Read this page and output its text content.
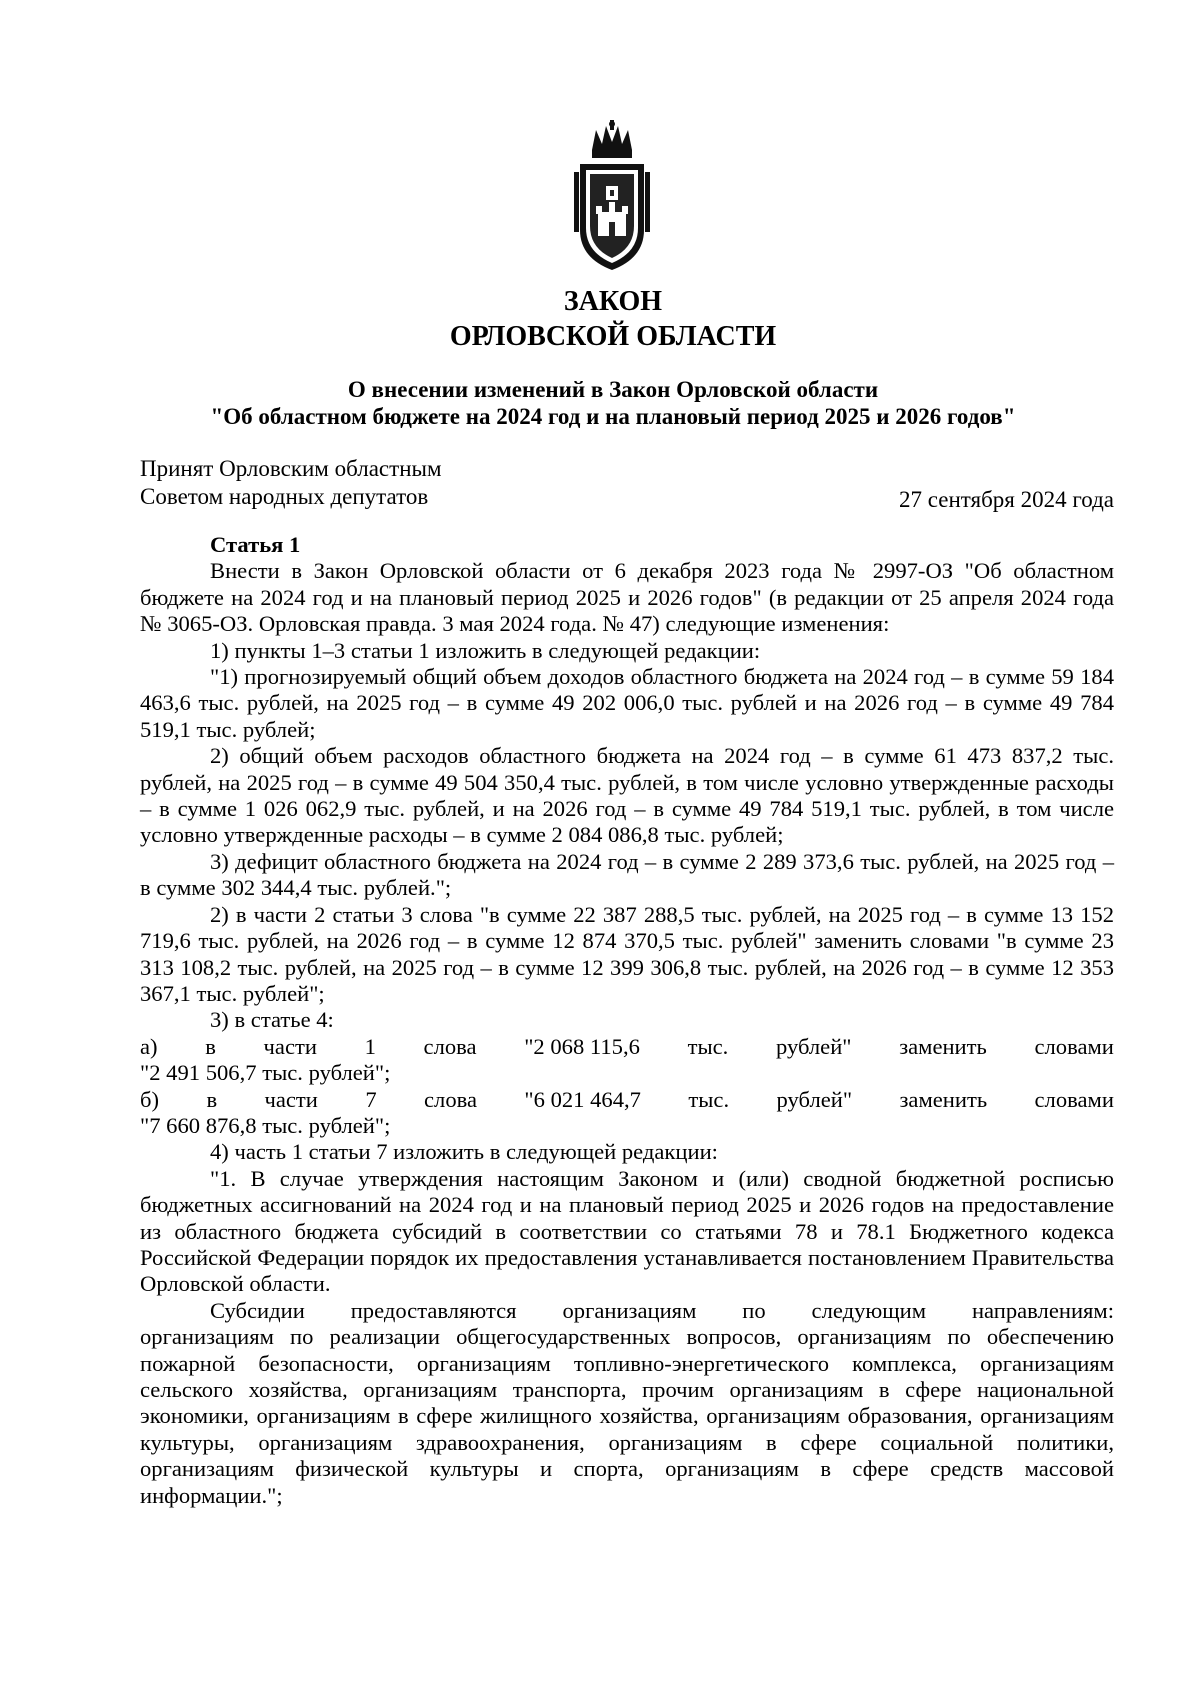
ЗАКОН
ОРЛОВСКОЙ ОБЛАСТИ
О внесении изменений в Закон Орловской области
"Об областном бюджете на 2024 год и на плановый период 2025 и 2026 годов"
Принят Орловским областным
Советом народных депутатов	27 сентября 2024 года

Статья 1

Внести в Закон Орловской области от 6 декабря 2023 года № 2997-ОЗ "Об областном бюджете на 2024 год и на плановый период 2025 и 2026 годов" (в редакции от 25 апреля 2024 года № 3065-ОЗ. Орловская правда. 3 мая 2024 года. № 47) следующие изменения:

1) пункты 1–3 статьи 1 изложить в следующей редакции:

"1) прогнозируемый общий объем доходов областного бюджета на 2024 год – в сумме 59 184 463,6 тыс. рублей, на 2025 год – в сумме 49 202 006,0 тыс. рублей и на 2026 год – в сумме 49 784 519,1 тыс. рублей;

2) общий объем расходов областного бюджета на 2024 год – в сумме 61 473 837,2 тыс. рублей, на 2025 год – в сумме 49 504 350,4 тыс. рублей, в том числе условно утвержденные расходы – в сумме 1 026 062,9 тыс. рублей, и на 2026 год – в сумме 49 784 519,1 тыс. рублей, в том числе условно утвержденные расходы – в сумме 2 084 086,8 тыс. рублей;

3) дефицит областного бюджета на 2024 год – в сумме 2 289 373,6 тыс. рублей, на 2025 год – в сумме 302 344,4 тыс. рублей.";

2) в части 2 статьи 3 слова "в сумме 22 387 288,5 тыс. рублей, на 2025 год – в сумме 13 152 719,6 тыс. рублей, на 2026 год – в сумме 12 874 370,5 тыс. рублей" заменить словами "в сумме 23 313 108,2 тыс. рублей, на 2025 год – в сумме 12 399 306,8 тыс. рублей, на 2026 год – в сумме 12 353 367,1 тыс. рублей";

3) в статье 4:

а) в части 1 слова "2 068 115,6 тыс. рублей" заменить словами

"2 491 506,7 тыс. рублей";

б) в части 7 слова "6 021 464,7 тыс. рублей" заменить словами

"7 660 876,8 тыс. рублей";

4) часть 1 статьи 7 изложить в следующей редакции:

"1. В случае утверждения настоящим Законом и (или) сводной бюджетной росписью бюджетных ассигнований на 2024 год и на плановый период 2025 и 2026 годов на предоставление из областного бюджета субсидий в соответствии со статьями 78 и 78.1 Бюджетного кодекса Российской Федерации порядок их предоставления устанавливается постановлением Правительства Орловской области.

Субсидии предоставляются организациям по следующим направлениям:

организациям по реализации общегосударственных вопросов, организациям по обеспечению пожарной безопасности, организациям топливно-энергетического комплекса, организациям сельского хозяйства, организациям транспорта, прочим организациям в сфере национальной экономики, организациям в сфере жилищного хозяйства, организациям образования, организациям культуры, организациям здравоохранения, организациям в сфере социальной политики, организациям физической культуры и спорта, организациям в сфере средств массовой информации.";
